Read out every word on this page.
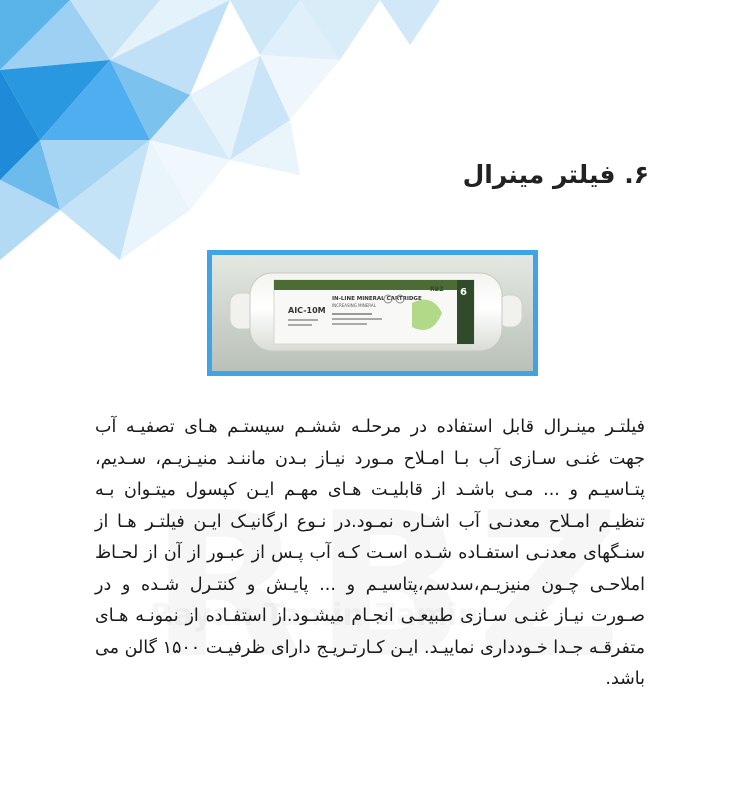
۶. فیلتر مینرال
AIC-10M
IN-LINE MINERAL CARTRIDGE
INCREASING MINERAL
RBZ 6
فیلتـر مینـرال قابل استفاده در مرحلـه ششـم سیستـم هـای تصفیـه آب جهت غنـی سـازی آب بـا امـلاح مـورد نیـاز بـدن ماننـد منیـزیـم، سـدیم، پتـاسیـم و ... مـی باشـد از قابلیـت هـای مهـم ایـن کپسول میتـوان بـه تنظیـم امـلاح معدنـی آب اشـاره نمـود.در نـوع ارگانیـک ایـن فیلتـر هـا از سنـگهای معدنـی استفـاده شـده اسـت کـه آب پـس از عبـور از آن از لحـاظ املاحـی چـون منیزیـم،سدسم،پتاسیـم و ... پایـش و کنتـرل شـده و در صـورت نیـاز غنـی سـازی طبیعـی انجـام میشـود.از استفـاده از نمونـه هـای متفرقـه جـدا خـودداری نماییـد. ایـن کـارتـریـج دارای ظرفیـت ۱۵۰۰ گالن می باشد.
